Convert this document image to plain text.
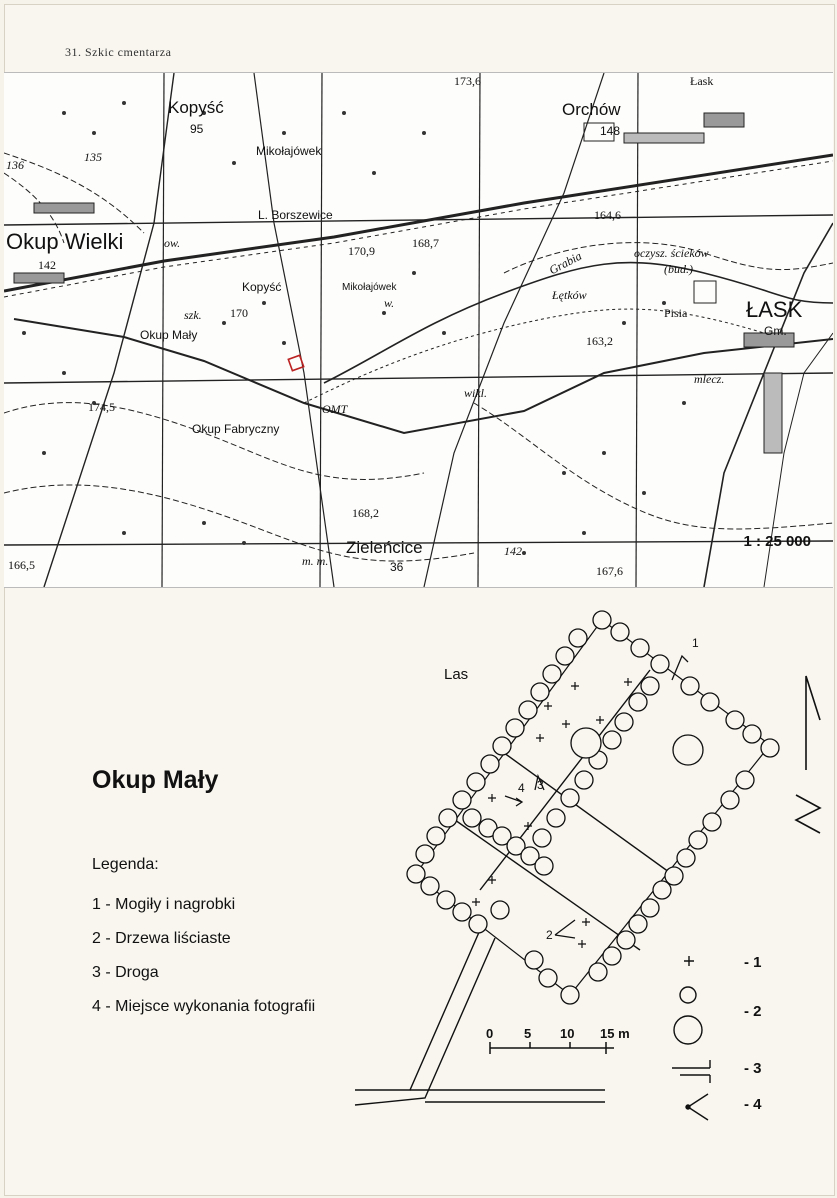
31. Szkic cmentarza
Kopyść
95
Orchów
148
Łask
173,6
Mikołajówek
L. Borszewice
Okup Wielki	ow.
170,9
168,7
164,6
Grabia	oczysz. ścieków
(bud.)
142
Kopyść	Mikołajówek
w.
Łętków
ŁASK
Gm.
Pisia
szk. 170
Okup Mały	163,2
mlecz.
174,5	OMT
wikl.
Okup Fabryczny
168,2
Zieleńcice
36
m. m.
166,5	167,6
142
135
136
1 : 25 000
Okup Mały
Legenda:
1 - Mogiły i nagrobki
2 - Drzewa liściaste
3 - Droga
4 - Miejsce wykonania fotografii
Las
1
2
3
4
0 5 10 15 m
- 1
- 2
- 3
- 4
